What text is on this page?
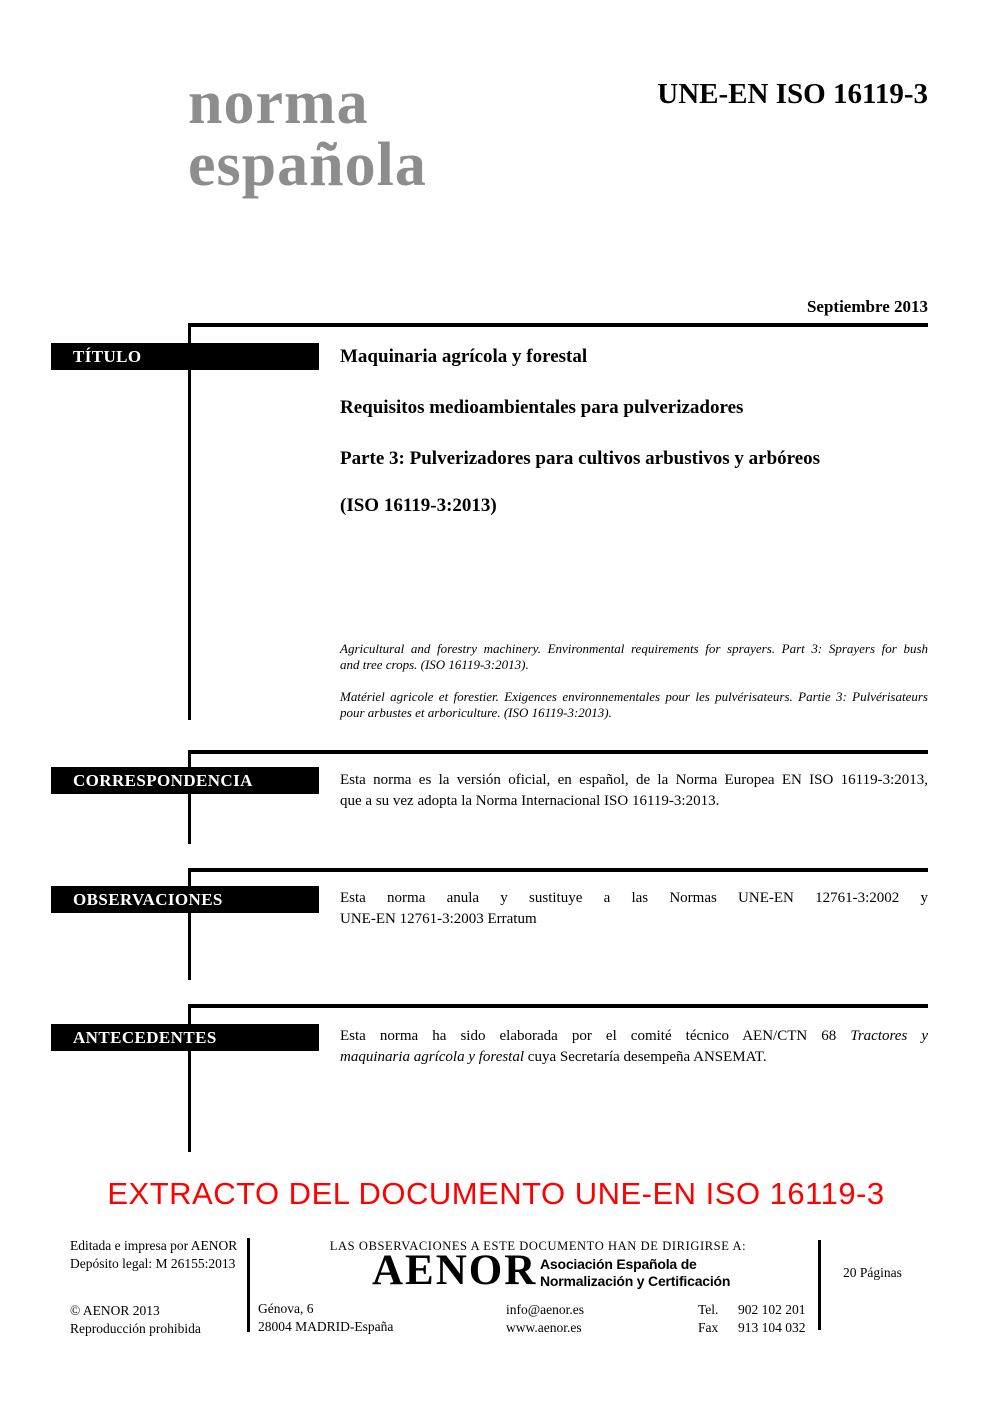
norma
española
UNE-EN ISO 16119-3
Septiembre 2013
TÍTULO	Maquinaria agrícola y forestal
Requisitos medioambientales para pulverizadores
Parte 3: Pulverizadores para cultivos arbustivos y arbóreos
(ISO 16119-3:2013)
Agricultural and forestry machinery. Environmental requirements for sprayers. Part 3: Sprayers for bush
and tree crops. (ISO 16119-3:2013).
Matériel agricole et forestier. Exigences environnementales pour les pulvérisateurs. Partie 3: Pulvérisateurs
pour arbustes et arboriculture. (ISO 16119-3:2013).
CORRESPONDENCIA	Esta norma es la versión oficial, en español, de la Norma Europea EN ISO 16119-3:2013,
que a su vez adopta la Norma Internacional ISO 16119-3:2013.
OBSERVACIONES	Esta norma anula y sustituye a las Normas UNE-EN 12761-3:2002 y
UNE-EN 12761-3:2003 Erratum
ANTECEDENTES	Esta norma ha sido elaborada por el comité técnico AEN/CTN 68 Tractores y
maquinaria agrícola y forestal cuya Secretaría desempeña ANSEMAT.
EXTRACTO DEL DOCUMENTO UNE-EN ISO 16119-3
Editada e impresa por AENOR
Depósito legal: M 26155:2013
© AENOR 2013
Reproducción prohibida
LAS OBSERVACIONES A ESTE DOCUMENTO HAN DE DIRIGIRSE A:
AENOR Asociación Española de
Normalización y Certificación
Génova, 6
28004 MADRID-España
info@aenor.es
www.aenor.es
Tel. 902 102 201
Fax 913 104 032
20 Páginas
